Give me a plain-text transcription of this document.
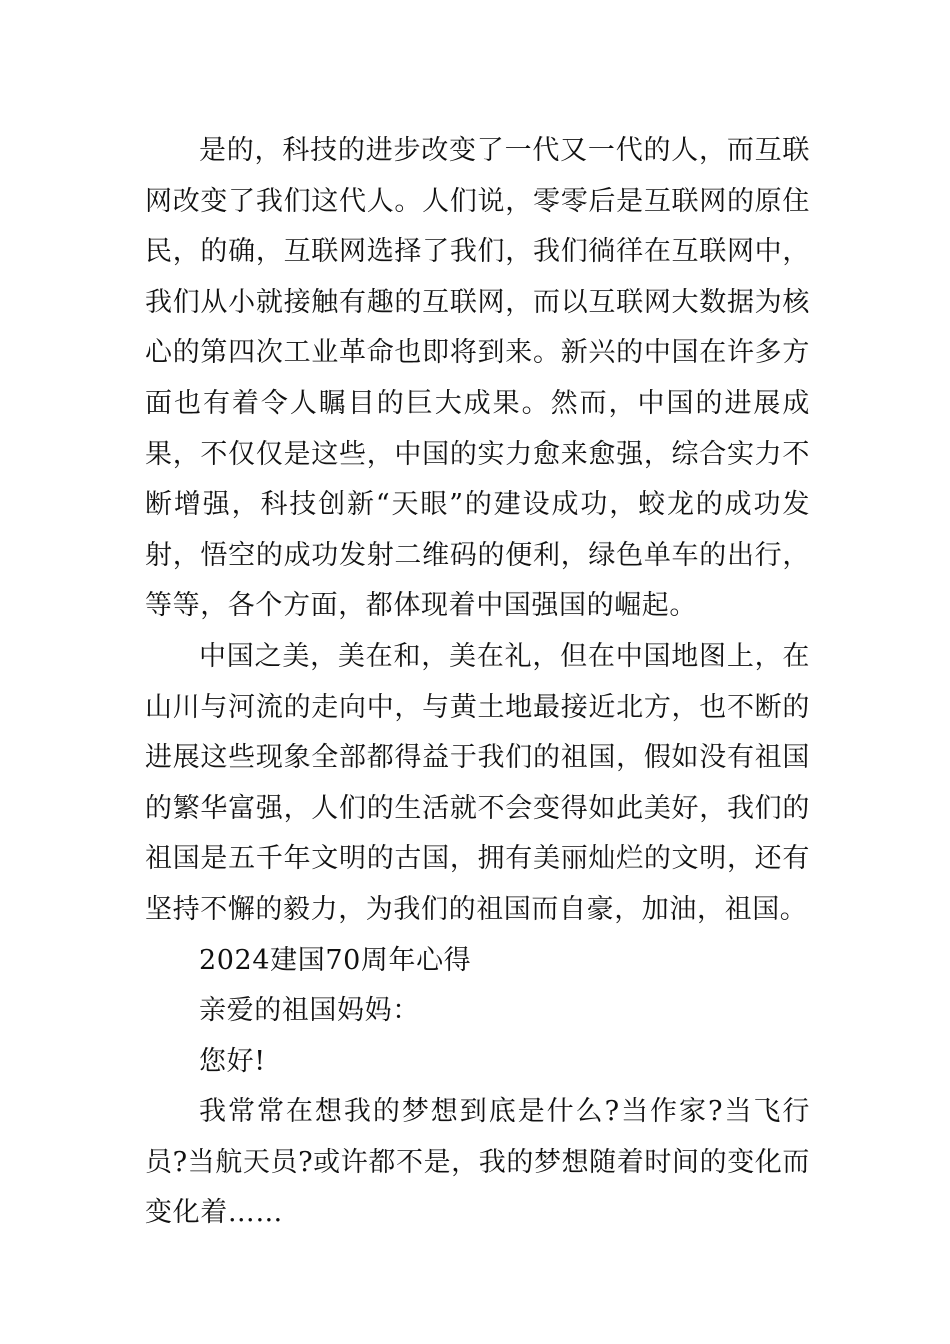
是的，科技的进步改变了一代又一代的人，而互联网改变了我们这代人。人们说，零零后是互联网的原住民，的确，互联网选择了我们，我们徜徉在互联网中，我们从小就接触有趣的互联网，而以互联网大数据为核心的第四次工业革命也即将到来。新兴的中国在许多方面也有着令人瞩目的巨大成果。然而，中国的进展成果，不仅仅是这些，中国的实力愈来愈强，综合实力不断增强，科技创新“天眼”的建设成功，蛟龙的成功发射，悟空的成功发射二维码的便利，绿色单车的出行，等等，各个方面，都体现着中国强国的崛起。

中国之美，美在和，美在礼，但在中国地图上，在山川与河流的走向中，与黄土地最接近北方，也不断的进展这些现象全部都得益于我们的祖国，假如没有祖国的繁华富强，人们的生活就不会变得如此美好，我们的祖国是五千年文明的古国，拥有美丽灿烂的文明，还有坚持不懈的毅力，为我们的祖国而自豪，加油，祖国。

2024建国70周年心得

亲爱的祖国妈妈：

您好!

我常常在想我的梦想到底是什么?当作家?当飞行员?当航天员?或许都不是，我的梦想随着时间的变化而变化着……
